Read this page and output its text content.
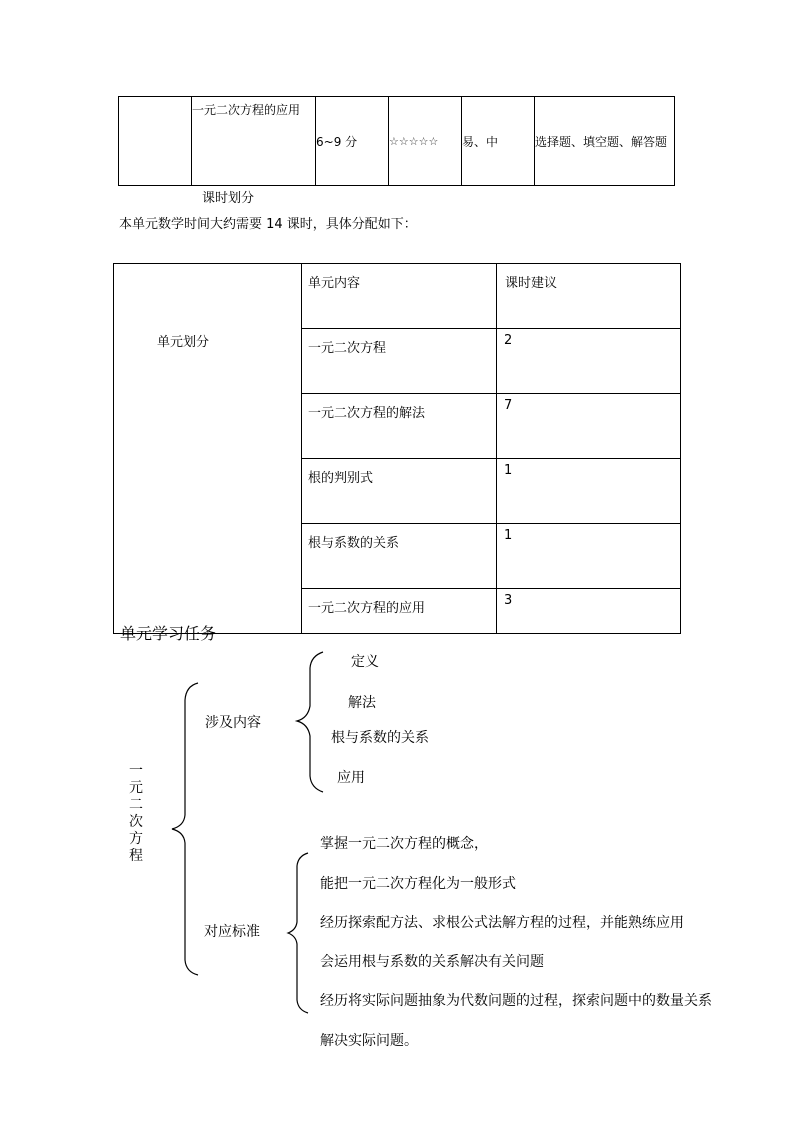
	一元二次方程的应用	6~9 分	☆☆☆☆☆	易、中	选择题、填空题、解答题
课时划分
本单元数学时间大约需要 14 课时，具体分配如下：
单元划分	单元内容	课时建议
	一元二次方程	2
	一元二次方程的解法	7
	根的判别式	1
	根与系数的关系	1
	一元二次方程的应用	3
单元学习任务
一
元
二
次
方
程
涉及内容
定义
解法
根与系数的关系
应用
对应标准
掌握一元二次方程的概念，
能把一元二次方程化为一般形式
经历探索配方法、求根公式法解方程的过程，并能熟练应用
会运用根与系数的关系解决有关问题
经历将实际问题抽象为代数问题的过程，探索问题中的数量关系
解决实际问题。
